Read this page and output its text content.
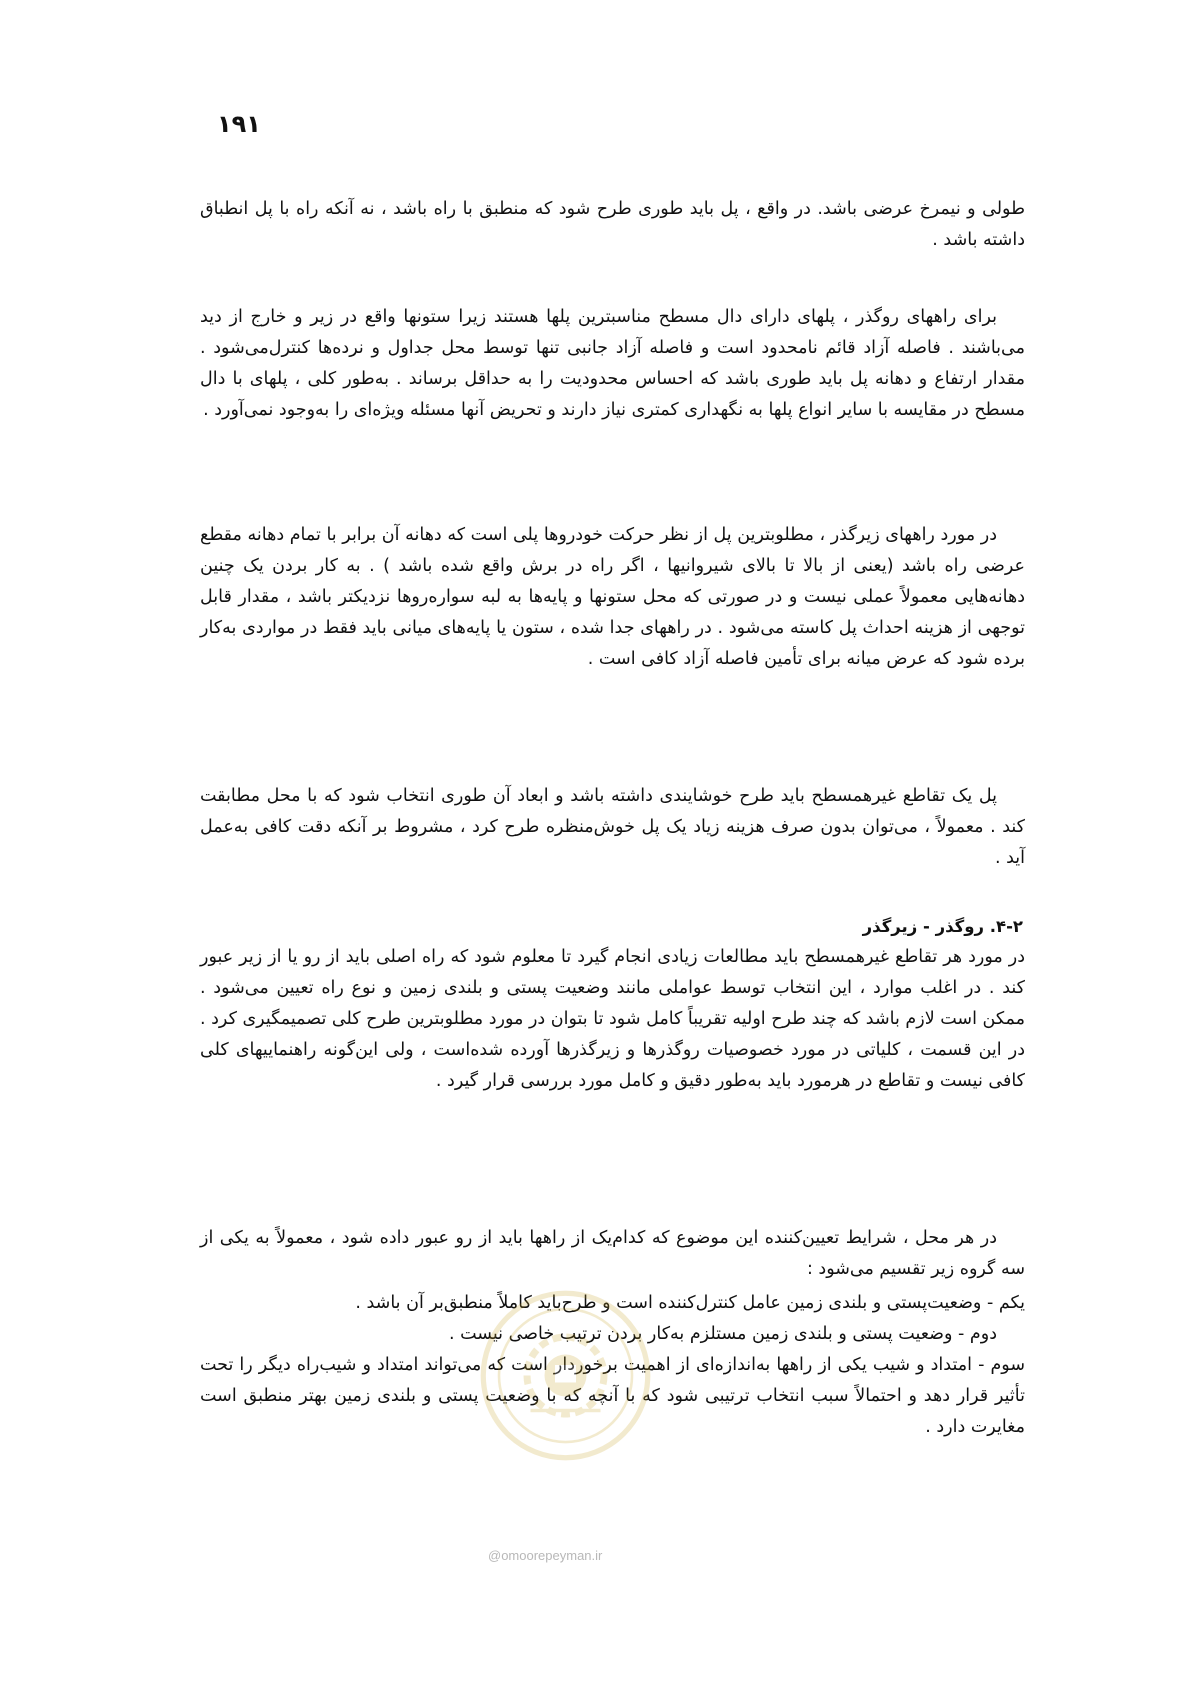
۱۹۱

طولی و نیمرخ عرضی باشد. در واقع ، پل باید طوری طرح شود که منطبق با راه باشد ، نه آنکه راه با پل انطباق داشته باشد .

برای راههای روگذر ، پلهای دارای دال مسطح مناسبترین پلها هستند زیرا ستونها واقع در زیر و خارج از دید می‌باشند . فاصله آزاد قائم نامحدود است و فاصله آزاد جانبی تنها توسط محل جداول و نرده‌ها کنترل‌می‌شود . مقدار ارتفاع و دهانه پل باید طوری باشد که احساس محدودیت را به حداقل برساند . به‌طور کلی ، پلهای با دال مسطح در مقایسه با سایر انواع پلها به نگهداری کمتری نیاز دارند و تحریض آنها مسئله ویژه‌ای را به‌وجود نمی‌آورد .

در مورد راههای زیرگذر ، مطلوبترین پل از نظر حرکت خودروها پلی است که دهانه آن برابر با تمام دهانه مقطع عرضی راه باشد (یعنی از بالا تا بالای شیروانیها ، اگر راه در برش واقع شده باشد ) . به کار بردن یک چنین دهانه‌هایی معمولاً عملی نیست و در صورتی که محل ستونها و پایه‌ها به لبه سواره‌روها نزدیکتر باشد ، مقدار قابل توجهی از هزینه احداث پل کاسته می‌شود . در راههای جدا شده ، ستون یا پایه‌های میانی باید فقط در مواردی به‌کار برده شود که عرض میانه برای تأمین فاصله آزاد کافی است .

پل یک تقاطع غیرهمسطح باید طرح خوشایندی داشته باشد و ابعاد آن طوری انتخاب شود که با محل مطابقت کند . معمولاً ، می‌توان بدون صرف هزینه زیاد یک پل خوش‌منظره طرح کرد ، مشروط بر آنکه دقت کافی به‌عمل آید .

۴-۲. روگذر - زیرگذر

در مورد هر تقاطع غیرهمسطح باید مطالعات زیادی انجام گیرد تا معلوم شود که راه اصلی باید از رو یا از زیر عبور کند . در اغلب موارد ، این انتخاب توسط عواملی مانند وضعیت پستی و بلندی زمین و نوع راه تعیین می‌شود . ممکن است لازم باشد که چند طرح اولیه تقریباً کامل شود تا بتوان در مورد مطلوبترین طرح کلی تصمیمگیری کرد . در این قسمت ، کلیاتی در مورد خصوصیات روگذرها و زیرگذرها آورده شده‌است ، ولی این‌گونه راهنماییهای کلی کافی نیست و تقاطع در هرمورد باید به‌طور دقیق و کامل مورد بررسی قرار گیرد .

در هر محل ، شرایط تعیین‌کننده این موضوع که کدام‌یک از راهها باید از رو عبور داده شود ، معمولاً به یکی از سه گروه زیر تقسیم می‌شود :

یکم - وضعیت‌پستی و بلندی زمین عامل کنترل‌کننده است و طرح‌باید کاملاً منطبق‌بر آن باشد .

دوم - وضعیت پستی و بلندی زمین مستلزم به‌کار بردن ترتیب خاصی نیست .

سوم - امتداد و شیب یکی از راهها به‌اندازه‌ای از اهمیت برخوردار است که می‌تواند امتداد و شیب‌راه دیگر را تحت تأثیر قرار دهد و احتمالاً سبب انتخاب ترتیبی شود که با آنچه که با وضعیت پستی و بلندی زمین بهتر منطبق است مغایرت دارد .

@omoorepeyman.ir
